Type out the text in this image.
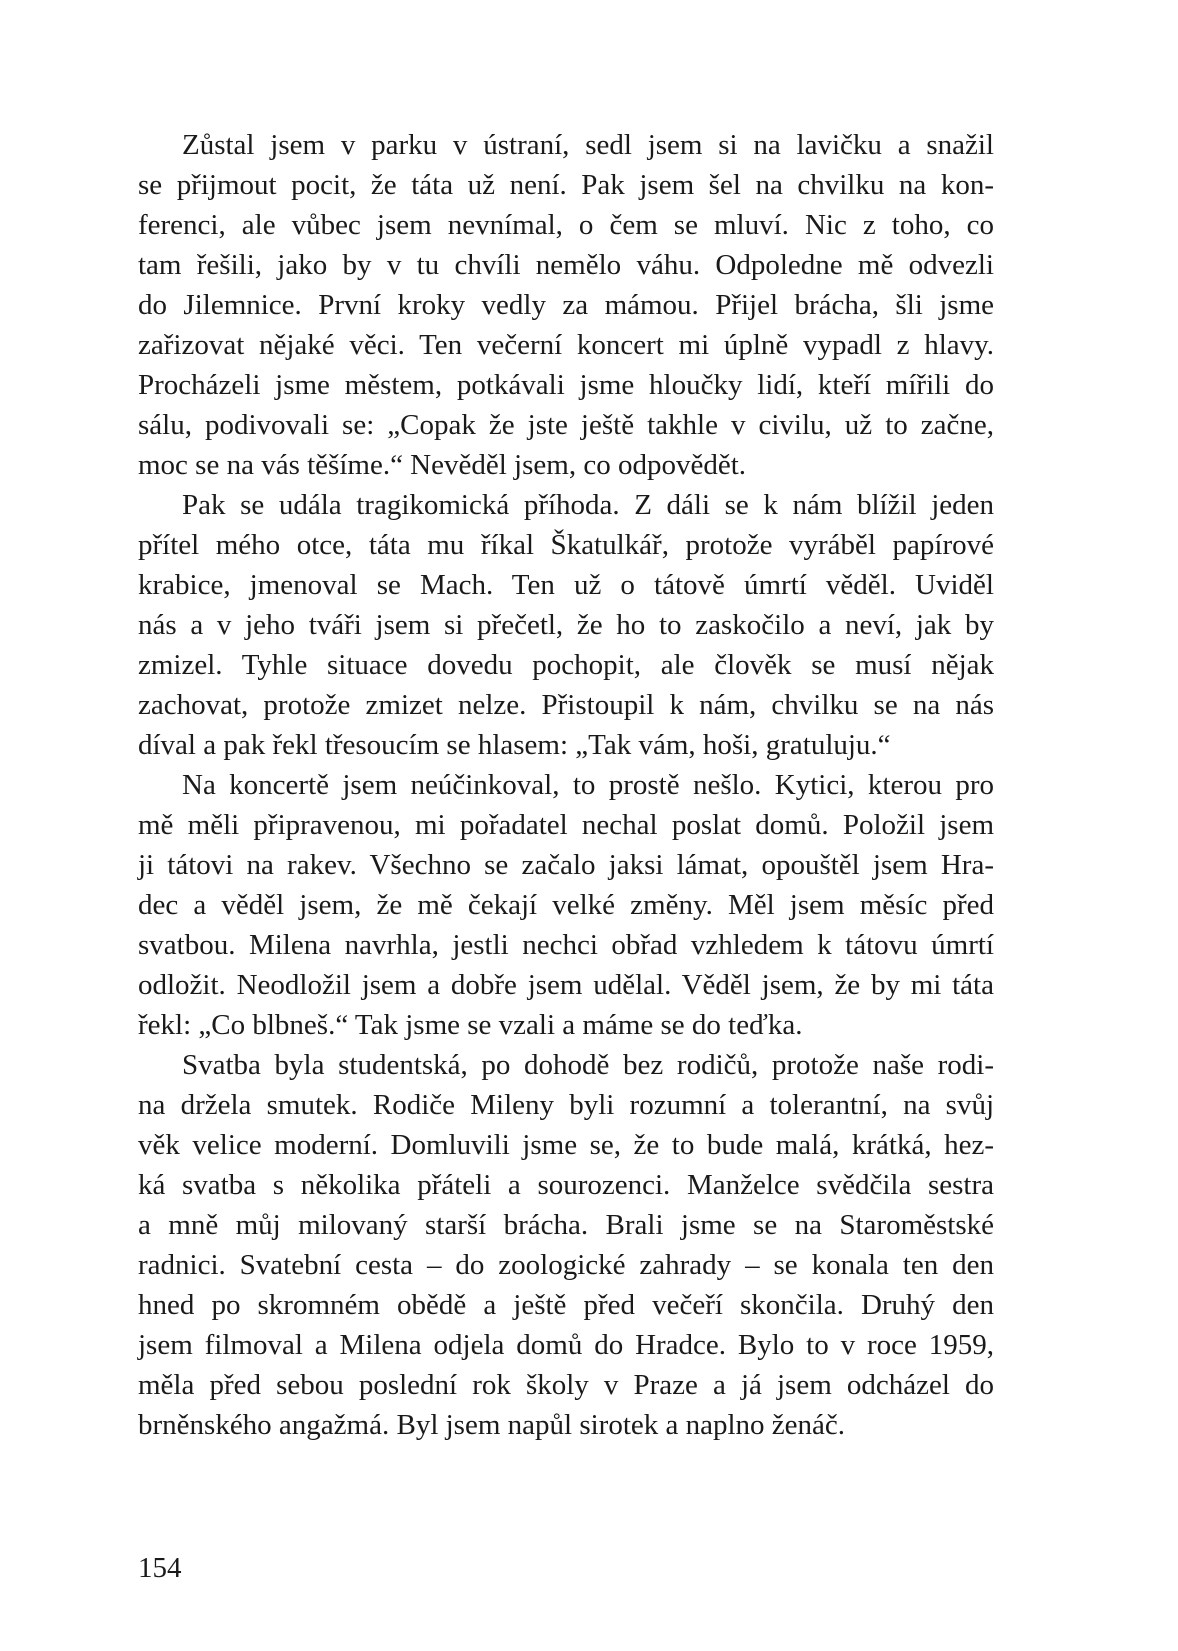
Zůstal jsem v parku v ústraní, sedl jsem si na lavičku a snažil
se přijmout pocit, že táta už není. Pak jsem šel na chvilku na kon-
ferenci, ale vůbec jsem nevnímal, o čem se mluví. Nic z toho, co
tam řešili, jako by v tu chvíli nemělo váhu. Odpoledne mě odvezli
do Jilemnice. První kroky vedly za mámou. Přijel brácha, šli jsme
zařizovat nějaké věci. Ten večerní koncert mi úplně vypadl z hlavy.
Procházeli jsme městem, potkávali jsme hloučky lidí, kteří mířili do
sálu, podivovali se: „Copak že jste ještě takhle v civilu, už to začne,
moc se na vás těšíme.“ Nevěděl jsem, co odpovědět.
Pak se udála tragikomická příhoda. Z dáli se k nám blížil jeden
přítel mého otce, táta mu říkal Škatulkář, protože vyráběl papírové
krabice, jmenoval se Mach. Ten už o tátově úmrtí věděl. Uviděl
nás a v jeho tváři jsem si přečetl, že ho to zaskočilo a neví, jak by
zmizel. Tyhle situace dovedu pochopit, ale člověk se musí nějak
zachovat, protože zmizet nelze. Přistoupil k nám, chvilku se na nás
díval a pak řekl třesoucím se hlasem: „Tak vám, hoši, gratuluju.“
Na koncertě jsem neúčinkoval, to prostě nešlo. Kytici, kterou pro
mě měli připravenou, mi pořadatel nechal poslat domů. Položil jsem
ji tátovi na rakev. Všechno se začalo jaksi lámat, opouštěl jsem Hra-
dec a věděl jsem, že mě čekají velké změny. Měl jsem měsíc před
svatbou. Milena navrhla, jestli nechci obřad vzhledem k tátovu úmrtí
odložit. Neodložil jsem a dobře jsem udělal. Věděl jsem, že by mi táta
řekl: „Co blbneš.“ Tak jsme se vzali a máme se do teďka.
Svatba byla studentská, po dohodě bez rodičů, protože naše rodi-
na držela smutek. Rodiče Mileny byli rozumní a tolerantní, na svůj
věk velice moderní. Domluvili jsme se, že to bude malá, krátká, hez-
ká svatba s několika přáteli a sourozenci. Manželce svědčila sestra
a mně můj milovaný starší brácha. Brali jsme se na Staroměstské
radnici. Svatební cesta – do zoologické zahrady – se konala ten den
hned po skromném obědě a ještě před večeří skončila. Druhý den
jsem filmoval a Milena odjela domů do Hradce. Bylo to v roce 1959,
měla před sebou poslední rok školy v Praze a já jsem odcházel do
brněnského angažmá. Byl jsem napůl sirotek a naplno ženáč.
154
